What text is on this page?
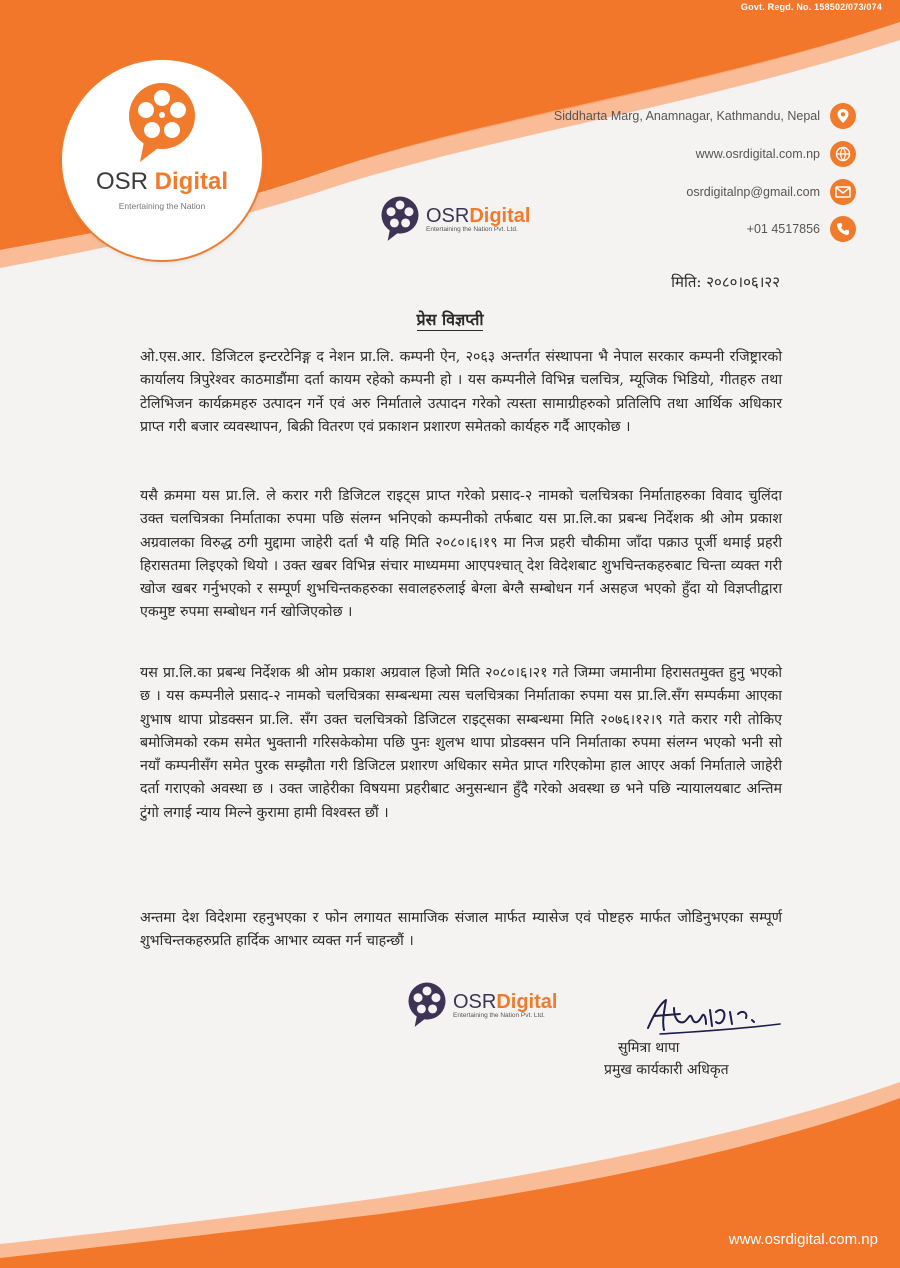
Govt. Regd. No. 158502/073/074
OSR Digital
Entertaining the Nation
Siddharta Marg, Anamnagar, Kathmandu, Nepal
www.osrdigital.com.np
osrdigitalnp@gmail.com
+01 4517856
OSRDigital
Entertaining the Nation Pvt. Ltd.
मिति: २०८०।०६।२२
प्रेस विज्ञप्ती

ओ.एस.आर. डिजिटल इन्टरटेनिङ्ग द नेशन प्रा.लि. कम्पनी ऐन, २०६३ अन्तर्गत संस्थापना भै नेपाल सरकार कम्पनी रजिष्ट्रारको कार्यालय त्रिपुरेश्वर काठमाडौंमा दर्ता कायम रहेको कम्पनी हो । यस कम्पनीले विभिन्न चलचित्र, म्यूजिक भिडियो, गीतहरु तथा टेलिभिजन कार्यक्रमहरु उत्पादन गर्ने एवं अरु निर्माताले उत्पादन गरेको त्यस्ता सामाग्रीहरुको प्रतिलिपि तथा आर्थिक अधिकार प्राप्त गरी बजार व्यवस्थापन, बिक्री वितरण एवं प्रकाशन प्रशारण समेतको कार्यहरु गर्दै आएकोछ ।

यसै क्रममा यस प्रा.लि. ले करार गरी डिजिटल राइट्स प्राप्त गरेको प्रसाद-२ नामको चलचित्रका निर्माताहरुका विवाद चुलिंदा उक्त चलचित्रका निर्माताका रुपमा पछि संलग्न भनिएको कम्पनीको तर्फबाट यस प्रा.लि.का प्रबन्ध निर्देशक श्री ओम प्रकाश अग्रवालका विरुद्ध ठगी मुद्दामा जाहेरी दर्ता भै यहि मिति २०८०।६।१९ मा निज प्रहरी चौकीमा जाँदा पक्राउ पूर्जी थमाई प्रहरी हिरासतमा लिइएको थियो । उक्त खबर विभिन्न संचार माध्यममा आएपश्चात् देश विदेशबाट शुभचिन्तकहरुबाट चिन्ता व्यक्त गरी खोज खबर गर्नुभएको र सम्पूर्ण शुभचिन्तकहरुका सवालहरुलाई बेग्ला बेग्लै सम्बोधन गर्न असहज भएको हुँदा यो विज्ञप्तीद्वारा एकमुष्ट रुपमा सम्बोधन गर्न खोजिएकोछ ।

यस प्रा.लि.का प्रबन्ध निर्देशक श्री ओम प्रकाश अग्रवाल हिजो मिति २०८०।६।२१ गते जिम्मा जमानीमा हिरासतमुक्त हुनु भएको छ । यस कम्पनीले प्रसाद-२ नामको चलचित्रका सम्बन्धमा त्यस चलचित्रका निर्माताका रुपमा यस प्रा.लि.सँग सम्पर्कमा आएका शुभाष थापा प्रोडक्सन प्रा.लि. सँग उक्त चलचित्रको डिजिटल राइट्सका सम्बन्धमा मिति २०७६।१२।९ गते करार गरी तोकिए बमोजिमको रकम समेत भुक्तानी गरिसकेकोमा पछि पुनः शुलभ थापा प्रोडक्सन पनि निर्माताका रुपमा संलग्न भएको भनी सो नयाँ कम्पनीसँग समेत पुरक सम्झौता गरी डिजिटल प्रशारण अधिकार समेत प्राप्त गरिएकोमा हाल आएर अर्का निर्माताले जाहेरी दर्ता गराएको अवस्था छ । उक्त जाहेरीका विषयमा प्रहरीबाट अनुसन्धान हुँदै गरेको अवस्था छ भने पछि न्यायालयबाट अन्तिम टुंगो लगाई न्याय मिल्ने कुरामा हामी विश्वस्त छौं ।

अन्तमा देश विदेशमा रहनुभएका र फोन लगायत सामाजिक संजाल मार्फत म्यासेज एवं पोष्टहरु मार्फत जोडिनुभएका सम्पूर्ण शुभचिन्तकहरुप्रति हार्दिक आभार व्यक्त गर्न चाहन्छौं ।

OSRDigital
Entertaining the Nation Pvt. Ltd.
सुमित्रा थापा
प्रमुख कार्यकारी अधिकृत
www.osrdigital.com.np
